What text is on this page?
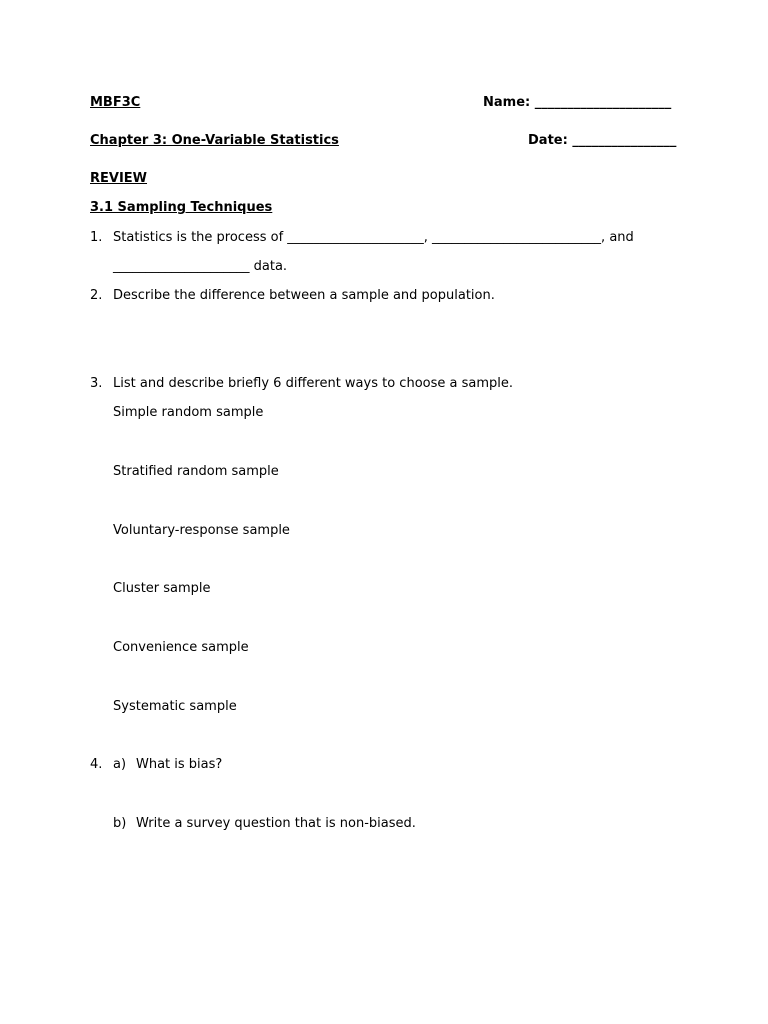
MBF3C	Name: _____________________
Chapter 3: One-Variable Statistics	Date: ________________
REVIEW
3.1 Sampling Techniques
1. Statistics is the process of _____________________, __________________________, and
_____________________ data.
2. Describe the difference between a sample and population.
3. List and describe briefly 6 different ways to choose a sample.
Simple random sample
Stratified random sample
Voluntary-response sample
Cluster sample
Convenience sample
Systematic sample
4. a) What is bias?
b) Write a survey question that is non-biased.
